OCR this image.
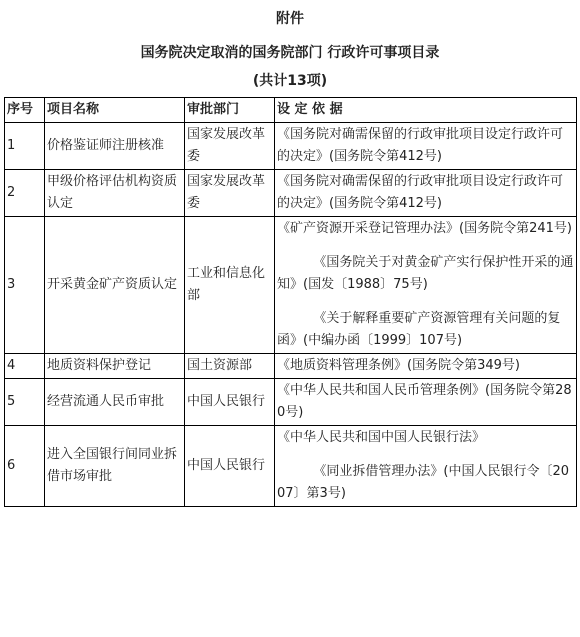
附件
国务院决定取消的国务院部门 行政许可事项目录
(共计13项)
序号	项目名称	审批部门	设 定 依 据
1	价格鉴证师注册核准	国家发展改革委	《国务院对确需保留的行政审批项目设定行政许可的决定》(国务院令第412号)

2	甲级价格评估机构资质认定	国家发展改革委	《国务院对确需保留的行政审批项目设定行政许可的决定》(国务院令第412号)

3	开采黄金矿产资质认定	工业和信息化部	《矿产资源开采登记管理办法》(国务院令第241号)

《国务院关于对黄金矿产实行保护性开采的通知》(国发〔1988〕75号)

《关于解释重要矿产资源管理有关问题的复函》(中编办函〔1999〕107号)

4	地质资料保护登记	国土资源部	《地质资料管理条例》(国务院令第349号)

5	经营流通人民币审批	中国人民银行	《中华人民共和国人民币管理条例》(国务院令第280号)

6	进入全国银行间同业拆借市场审批	中国人民银行	《中华人民共和国中国人民银行法》

《同业拆借管理办法》(中国人民银行令〔2007〕第3号)
